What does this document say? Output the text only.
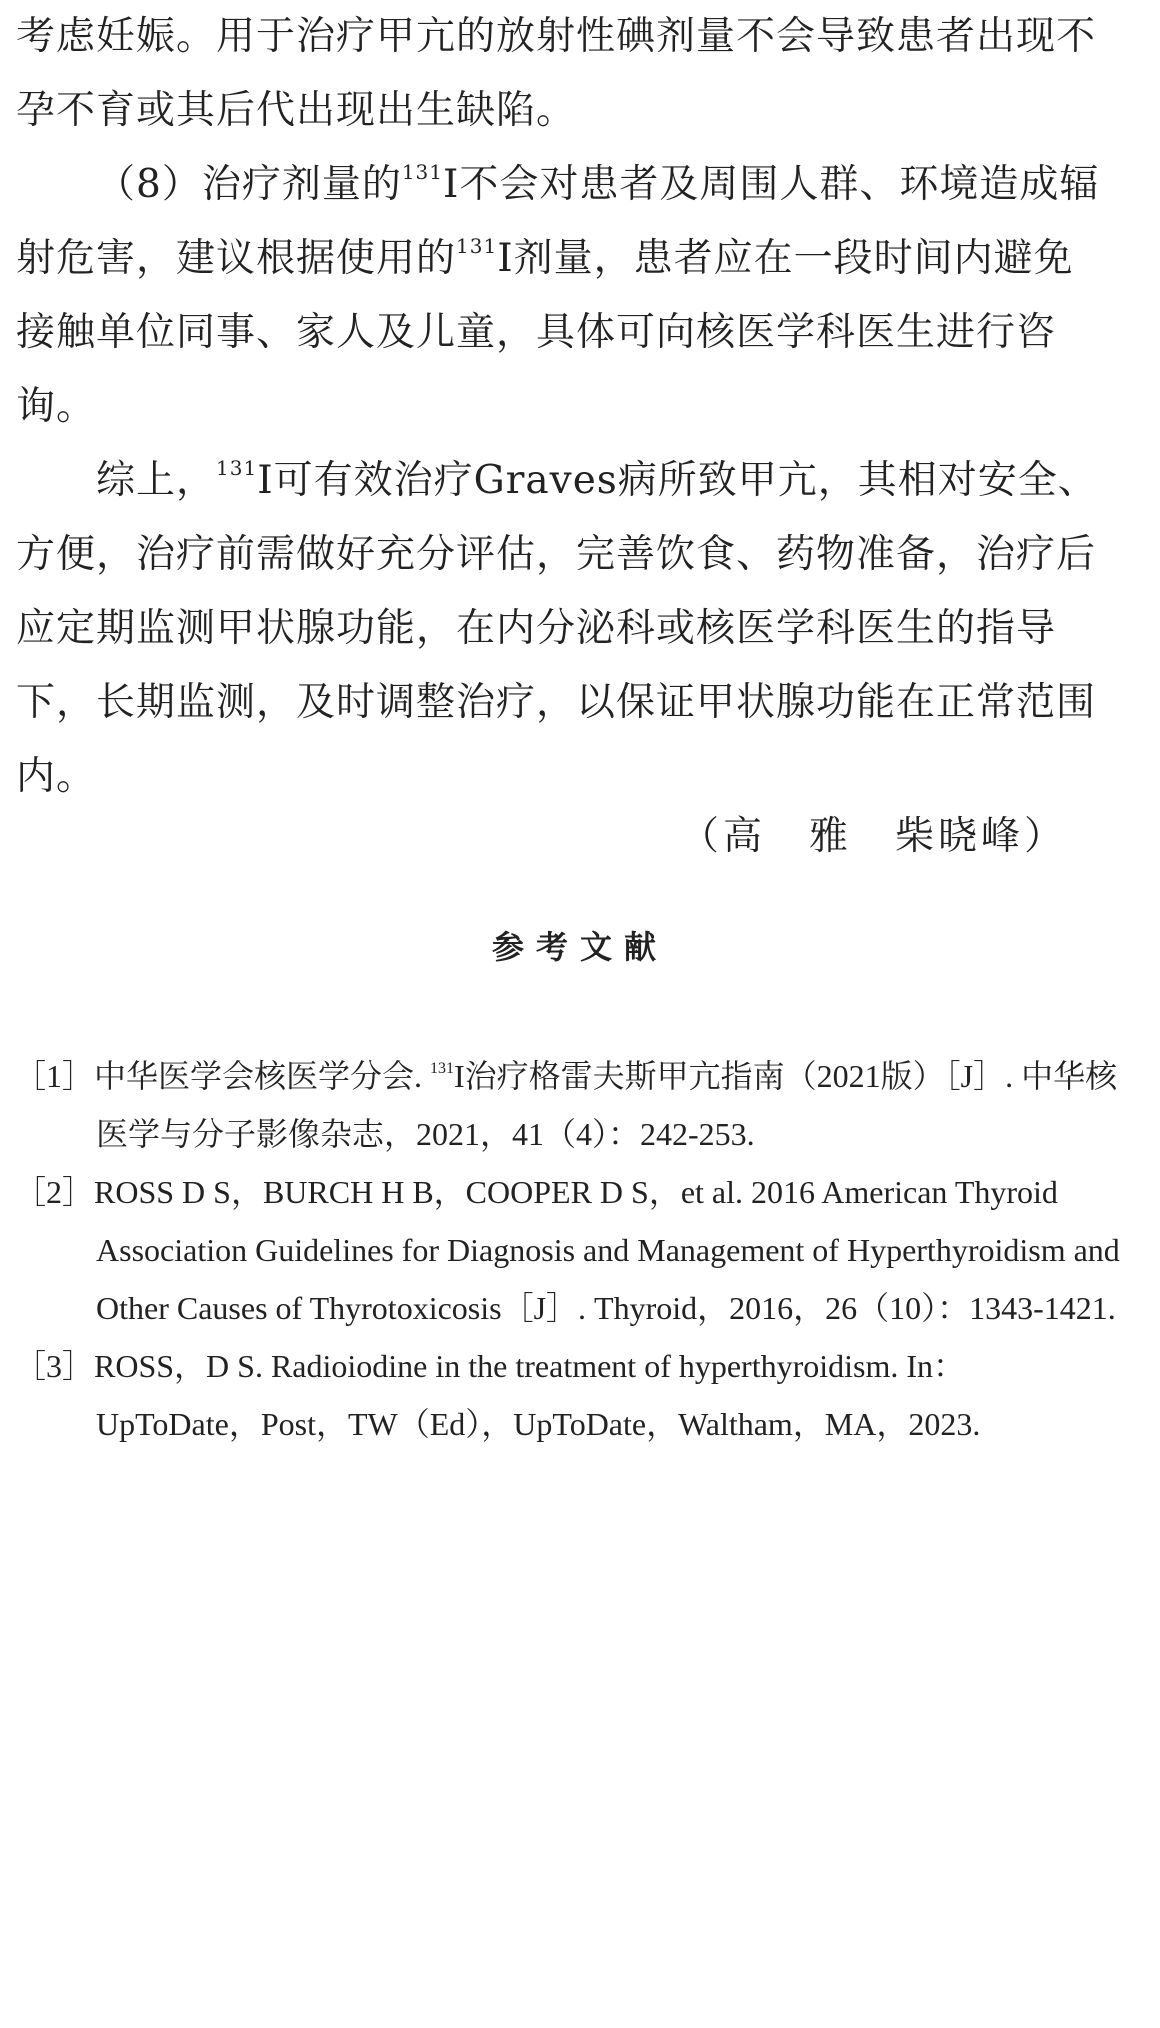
考虑妊娠。用于治疗甲亢的放射性碘剂量不会导致患者出现不孕不育或其后代出现出生缺陷。

（8）治疗剂量的$^{131}$I不会对患者及周围人群、环境造成辐射危害，建议根据使用的$^{131}$I剂量，患者应在一段时间内避免接触单位同事、家人及儿童，具体可向核医学科医生进行咨询。

综上，$^{131}$I可有效治疗Graves病所致甲亢，其相对安全、方便，治疗前需做好充分评估，完善饮食、药物准备，治疗后应定期监测甲状腺功能，在内分泌科或核医学科医生的指导下，长期监测，及时调整治疗，以保证甲状腺功能在正常范围内。

（高　雅　柴晓峰）
参考文献

［1］中华医学会核医学分会. $^{131}$I治疗格雷夫斯甲亢指南（2021版）［J］. 中华核医学与分子影像杂志，2021，41（4）：242-253.

［2］ROSS D S，BURCH H B，COOPER D S，et al. 2016 American Thyroid Association Guidelines for Diagnosis and Management of Hyperthyroidism and Other Causes of Thyrotoxicosis［J］. Thyroid，2016，26（10）：1343-1421.

［3］ROSS，D S. Radioiodine in the treatment of hyperthyroidism. In：UpToDate，Post，TW（Ed），UpToDate，Waltham，MA，2023.
